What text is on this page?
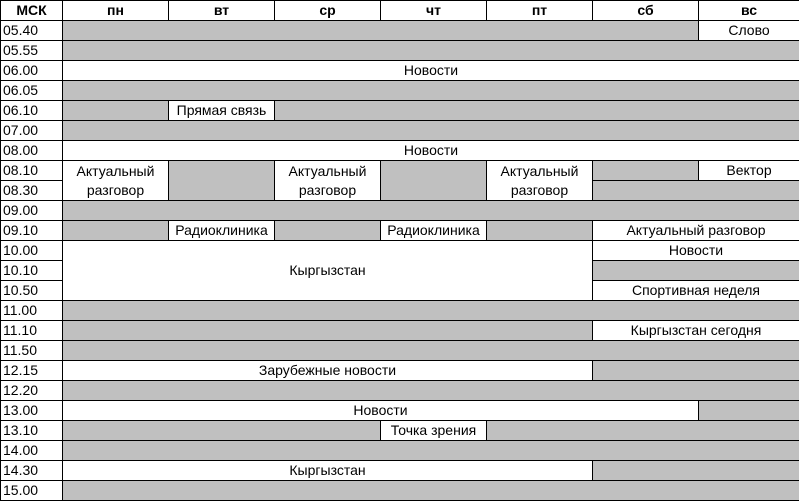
МСК	пн	вт	ср	чт	пт	сб	вс
05.40							Слово
05.55							
06.00	Новости						
06.05							
06.10		Прямая связь					
07.00							
08.00	Новости						
08.10	Актуальный разговор		Актуальный разговор		Актуальный разговор		Вектор
08.30							
09.00							
09.10		Радиоклиника		Радиоклиника		Актуальный разговор	
10.00	Кыргызстан					Новости	
10.10							
10.50						Спортивная неделя	
11.00							
11.10						Кыргызстан сегодня	
11.50							
12.15	Зарубежные новости						
12.20							
13.00	Новости						
13.10				Точка зрения			
14.00							
14.30	Кыргызстан						
15.00							
